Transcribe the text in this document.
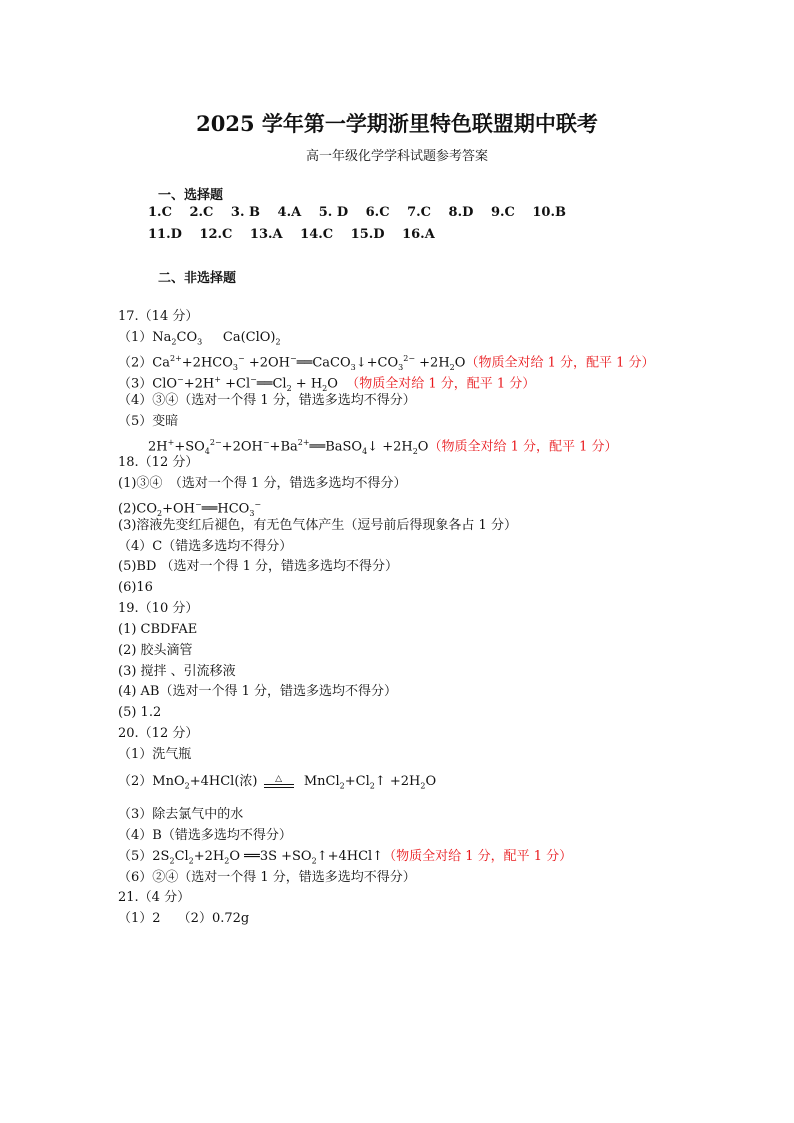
2025 学年第一学期浙里特色联盟期中联考
高一年级化学学科试题参考答案
一、选择题
1.C 2.C 3. B 4.A 5. D 6.C 7.C 8.D 9.C 10.B
11.D 12.C 13.A 14.C 15.D 16.A
二、非选择题
17.（14 分）
$(1)Na_2CO_3$ $Ca(ClO)_2$
$(2)Ca^{2+}+2HCO_3^-$ $+2OH^-══CaCO_3↓+CO_3^{2-} +2H_2O$（物质全对给 1 分，配平 1 分）
$(3)ClO^-+2H^+ +Cl^-══Cl_2 + H_2O$ （物质全对给 1 分，配平 1 分）
（4）③④（选对一个得 1 分，错选多选均不得分）
（5）变暗
$2H^++SO_4^{2-}+2OH^-+Ba^{2+}══BaSO_4↓ +2H_2O$（物质全对给 1 分，配平 1 分）
18.（12 分）
(1)③④　（选对一个得 1 分，错选多选均不得分）
$(2)CO_2+OH^-══HCO_3^-$
(3)溶液先变红后褪色，有无色气体产生（逗号前后得现象各占 1 分）
（4）C（错选多选均不得分）
(5)BD （选对一个得 1 分，错选多选均不得分）
(6)16
19.（10 分）
(1) CBDFAE
(2) 胶头滴管
(3) 搅拌 、引流移液
(4) AB（选对一个得 1 分，错选多选均不得分）
(5) 1.2
20.（12 分）
（1）洗气瓶
（2）MnO$_2$+4HCl(浓)	△	$MnCl_2+Cl_2↑ +2H_2O$
（3）除去氯气中的水
（4）B（错选多选均不得分）
$(5)2S_2Cl_2+2H_2O$ ══3S $+SO_2↑+4HCl↑$（物质全对给 1 分，配平 1 分）
（6）②④（选对一个得 1 分，错选多选均不得分）
21.（4 分）
（1）2　 （2）0.72g
